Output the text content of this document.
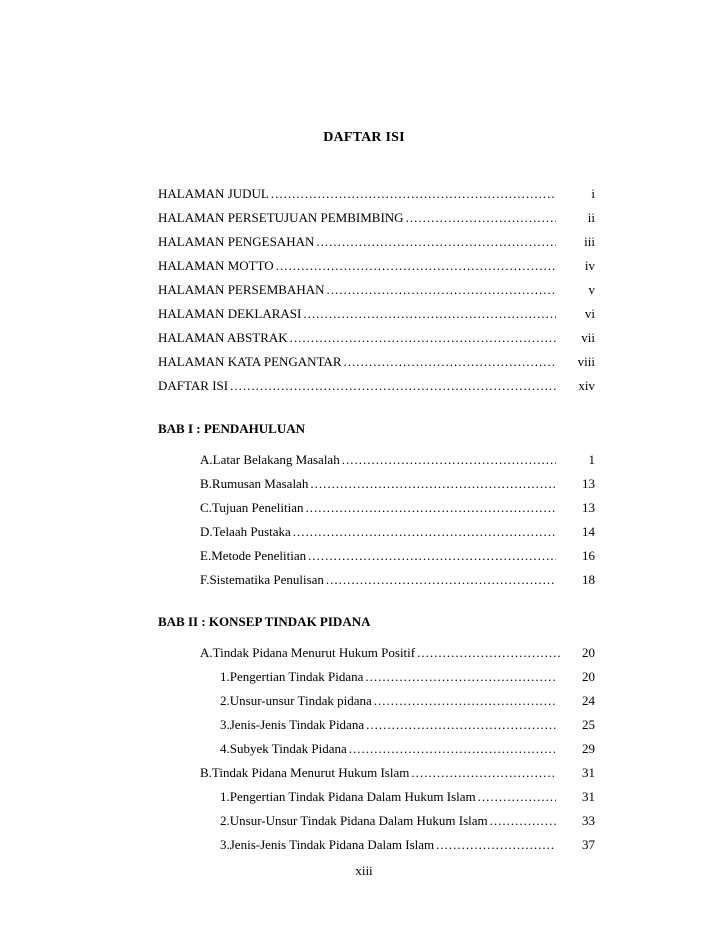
DAFTAR ISI
HALAMAN JUDUL .....	i
HALAMAN PERSETUJUAN PEMBIMBING .....	ii
HALAMAN PENGESAHAN .....	iii
HALAMAN MOTTO .....	iv
HALAMAN PERSEMBAHAN .....	v
HALAMAN DEKLARASI .....	vi
HALAMAN ABSTRAK .....	vii
HALAMAN KATA PENGANTAR .....	viii
DAFTAR ISI .....	xiv
BAB I : PENDAHULUAN
A. Latar Belakang Masalah .....	1
B. Rumusan Masalah .....	13
C. Tujuan Penelitian .....	13
D. Telaah Pustaka .....	14
E. Metode Penelitian .....	16
F. Sistematika Penulisan .....	18
BAB II : KONSEP TINDAK PIDANA
A. Tindak Pidana Menurut Hukum Positif .....	20
1. Pengertian Tindak Pidana .....	20
2. Unsur-unsur Tindak pidana .....	24
3. Jenis-Jenis Tindak Pidana .....	25
4. Subyek Tindak Pidana .....	29
B. Tindak Pidana Menurut Hukum Islam .....	31
1. Pengertian Tindak Pidana Dalam Hukum Islam .....	31
2. Unsur-Unsur Tindak Pidana Dalam Hukum Islam .....	33
3. Jenis-Jenis Tindak Pidana Dalam Islam .....	37
xiii
